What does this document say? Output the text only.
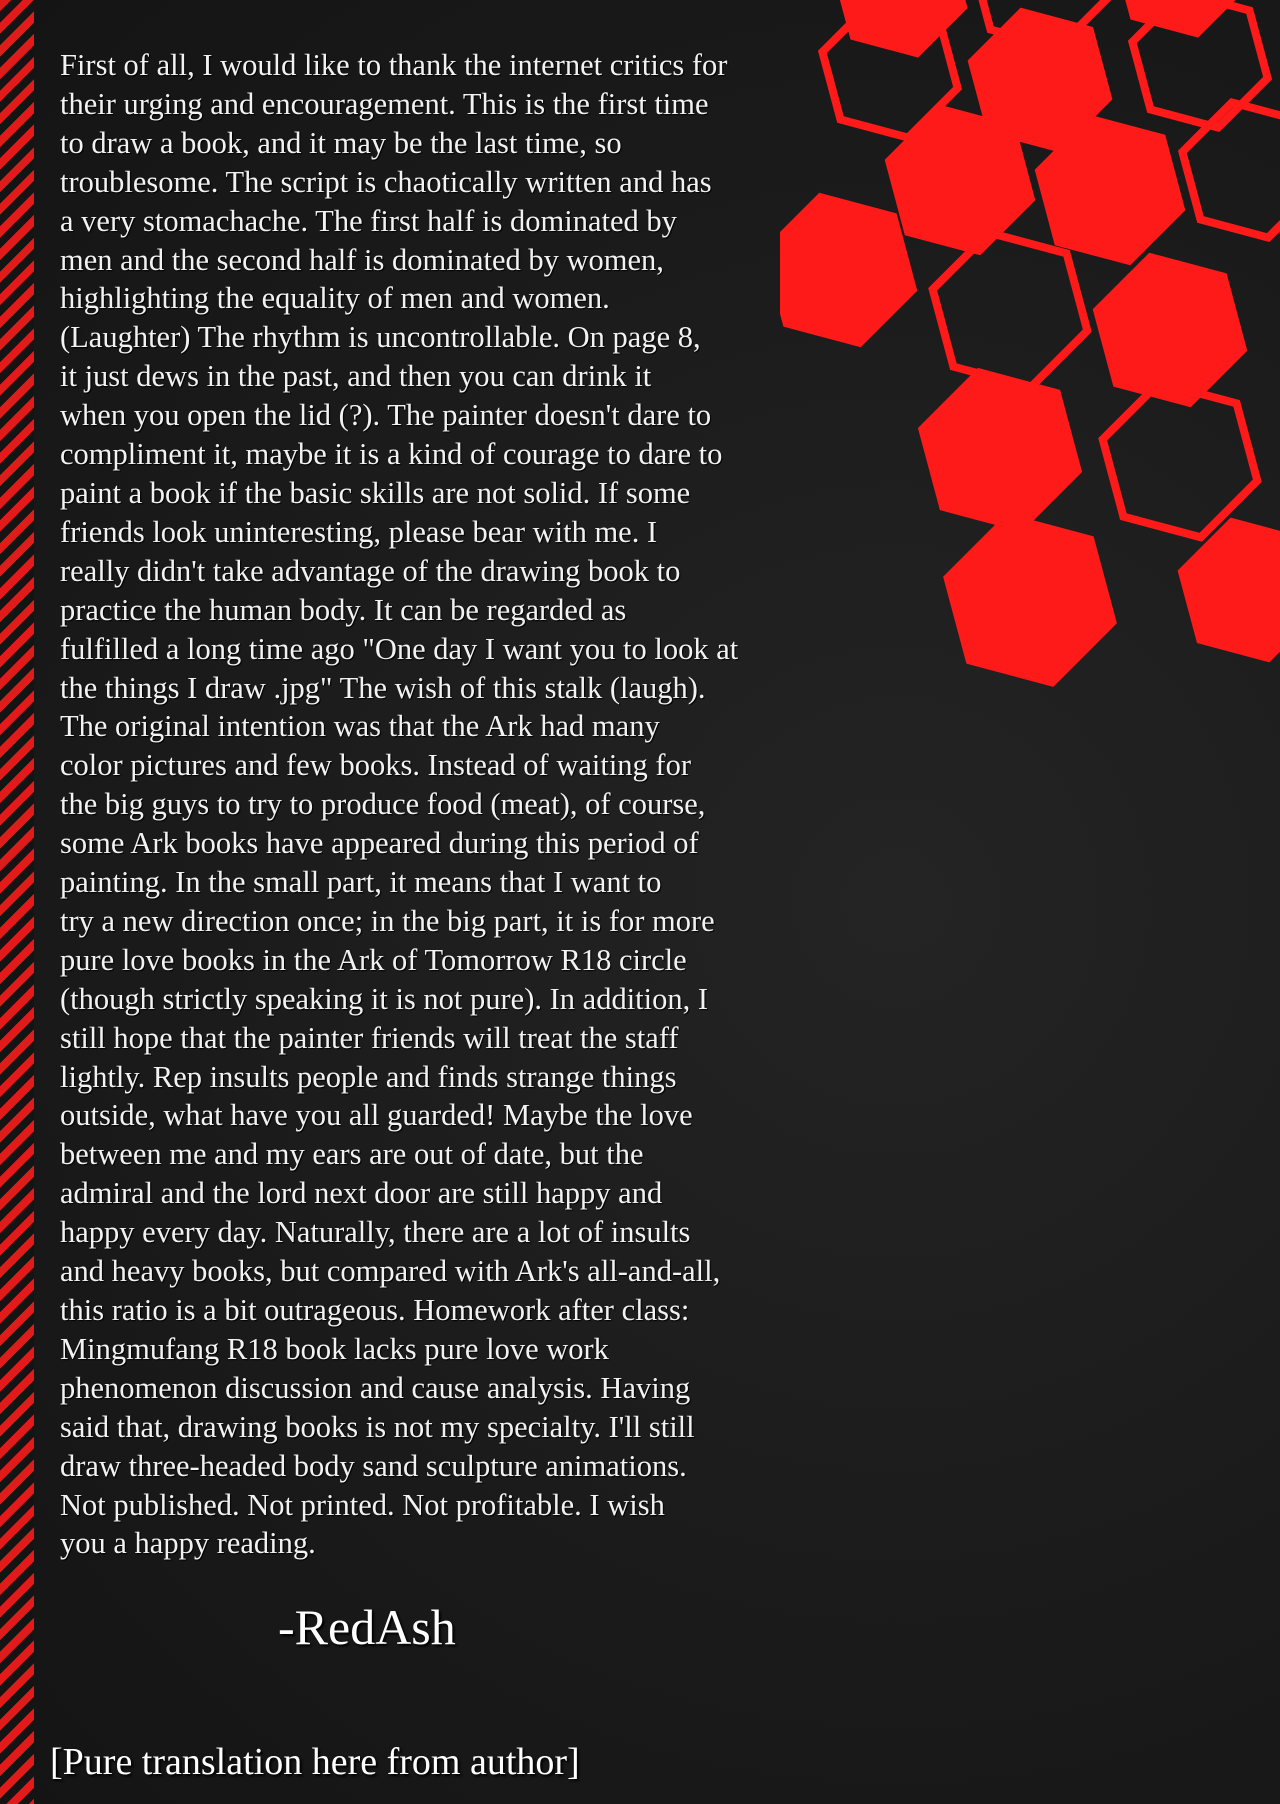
First of all, I would like to thank the internet critics for
their urging and encouragement. This is the first time
to draw a book, and it may be the last time, so
troublesome. The script is chaotically written and has
a very stomachache. The first half is dominated by
men and the second half is dominated by women,
highlighting the equality of men and women.
(Laughter) The rhythm is uncontrollable. On page 8,
it just dews in the past, and then you can drink it
when you open the lid (?). The painter doesn't dare to
compliment it, maybe it is a kind of courage to dare to
paint a book if the basic skills are not solid. If some
friends look uninteresting, please bear with me. I
really didn't take advantage of the drawing book to
practice the human body. It can be regarded as
fulfilled a long time ago "One day I want you to look at
the things I draw .jpg" The wish of this stalk (laugh).
The original intention was that the Ark had many
color pictures and few books. Instead of waiting for
the big guys to try to produce food (meat), of course,
some Ark books have appeared during this period of
painting. In the small part, it means that I want to
try a new direction once; in the big part, it is for more
pure love books in the Ark of Tomorrow R18 circle
(though strictly speaking it is not pure). In addition, I
still hope that the painter friends will treat the staff
lightly. Rep insults people and finds strange things
outside, what have you all guarded! Maybe the love
between me and my ears are out of date, but the
admiral and the lord next door are still happy and
happy every day. Naturally, there are a lot of insults
and heavy books, but compared with Ark's all-and-all,
this ratio is a bit outrageous. Homework after class:
Mingmufang R18 book lacks pure love work
phenomenon discussion and cause analysis. Having
said that, drawing books is not my specialty. I'll still
draw three-headed body sand sculpture animations.
Not published. Not printed. Not profitable. I wish
you a happy reading.
-RedAsh
[Pure translation here from author]
